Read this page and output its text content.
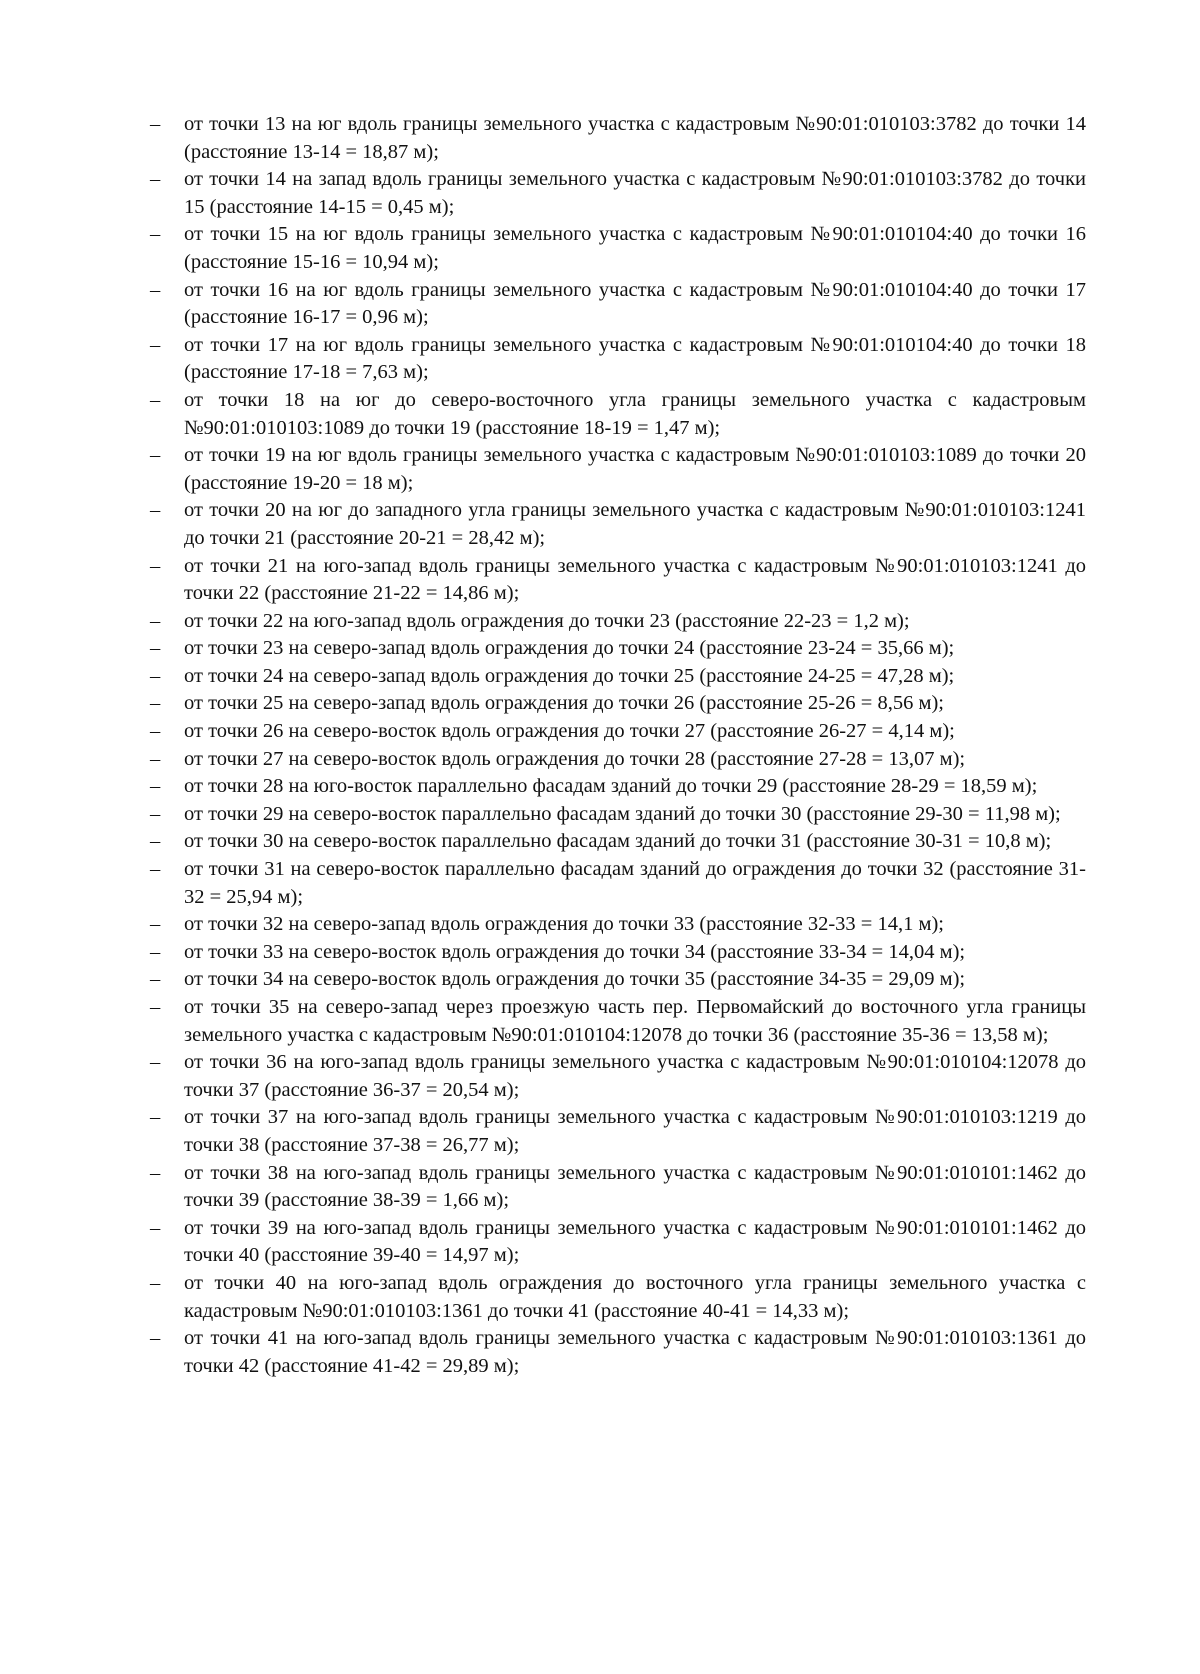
– от точки 13 на юг вдоль границы земельного участка с кадастровым №90:01:010103:3782 до точки 14 (расстояние 13-14 = 18,87 м);
– от точки 14 на запад вдоль границы земельного участка с кадастровым №90:01:010103:3782 до точки 15 (расстояние 14-15 = 0,45 м);
– от точки 15 на юг вдоль границы земельного участка с кадастровым №90:01:010104:40 до точки 16 (расстояние 15-16 = 10,94 м);
– от точки 16 на юг вдоль границы земельного участка с кадастровым №90:01:010104:40 до точки 17 (расстояние 16-17 = 0,96 м);
– от точки 17 на юг вдоль границы земельного участка с кадастровым №90:01:010104:40 до точки 18 (расстояние 17-18 = 7,63 м);
– от точки 18 на юг до северо-восточного угла границы земельного участка с кадастровым №90:01:010103:1089 до точки 19 (расстояние 18-19 = 1,47 м);
– от точки 19 на юг вдоль границы земельного участка с кадастровым №90:01:010103:1089 до точки 20 (расстояние 19-20 = 18 м);
– от точки 20 на юг до западного угла границы земельного участка с кадастровым №90:01:010103:1241 до точки 21 (расстояние 20-21 = 28,42 м);
– от точки 21 на юго-запад вдоль границы земельного участка с кадастровым №90:01:010103:1241 до точки 22 (расстояние 21-22 = 14,86 м);
– от точки 22 на юго-запад вдоль ограждения до точки 23 (расстояние 22-23 = 1,2 м);
– от точки 23 на северо-запад вдоль ограждения до точки 24 (расстояние 23-24 = 35,66 м);
– от точки 24 на северо-запад вдоль ограждения до точки 25 (расстояние 24-25 = 47,28 м);
– от точки 25 на северо-запад вдоль ограждения до точки 26 (расстояние 25-26 = 8,56 м);
– от точки 26 на северо-восток вдоль ограждения до точки 27 (расстояние 26-27 = 4,14 м);
– от точки 27 на северо-восток вдоль ограждения до точки 28 (расстояние 27-28 = 13,07 м);
– от точки 28 на юго-восток параллельно фасадам зданий до точки 29 (расстояние 28-29 = 18,59 м);
– от точки 29 на северо-восток параллельно фасадам зданий до точки 30 (расстояние 29-30 = 11,98 м);
– от точки 30 на северо-восток параллельно фасадам зданий до точки 31 (расстояние 30-31 = 10,8 м);
– от точки 31 на северо-восток параллельно фасадам зданий до ограждения до точки 32 (расстояние 31-32 = 25,94 м);
– от точки 32 на северо-запад вдоль ограждения до точки 33 (расстояние 32-33 = 14,1 м);
– от точки 33 на северо-восток вдоль ограждения до точки 34 (расстояние 33-34 = 14,04 м);
– от точки 34 на северо-восток вдоль ограждения до точки 35 (расстояние 34-35 = 29,09 м);
– от точки 35 на северо-запад через проезжую часть пер. Первомайский до восточного угла границы земельного участка с кадастровым №90:01:010104:12078 до точки 36 (расстояние 35-36 = 13,58 м);
– от точки 36 на юго-запад вдоль границы земельного участка с кадастровым №90:01:010104:12078 до точки 37 (расстояние 36-37 = 20,54 м);
– от точки 37 на юго-запад вдоль границы земельного участка с кадастровым №90:01:010103:1219 до точки 38 (расстояние 37-38 = 26,77 м);
– от точки 38 на юго-запад вдоль границы земельного участка с кадастровым №90:01:010101:1462 до точки 39 (расстояние 38-39 = 1,66 м);
– от точки 39 на юго-запад вдоль границы земельного участка с кадастровым №90:01:010101:1462 до точки 40 (расстояние 39-40 = 14,97 м);
– от точки 40 на юго-запад вдоль ограждения до восточного угла границы земельного участка с кадастровым №90:01:010103:1361 до точки 41 (расстояние 40-41 = 14,33 м);
– от точки 41 на юго-запад вдоль границы земельного участка с кадастровым №90:01:010103:1361 до точки 42 (расстояние 41-42 = 29,89 м);
